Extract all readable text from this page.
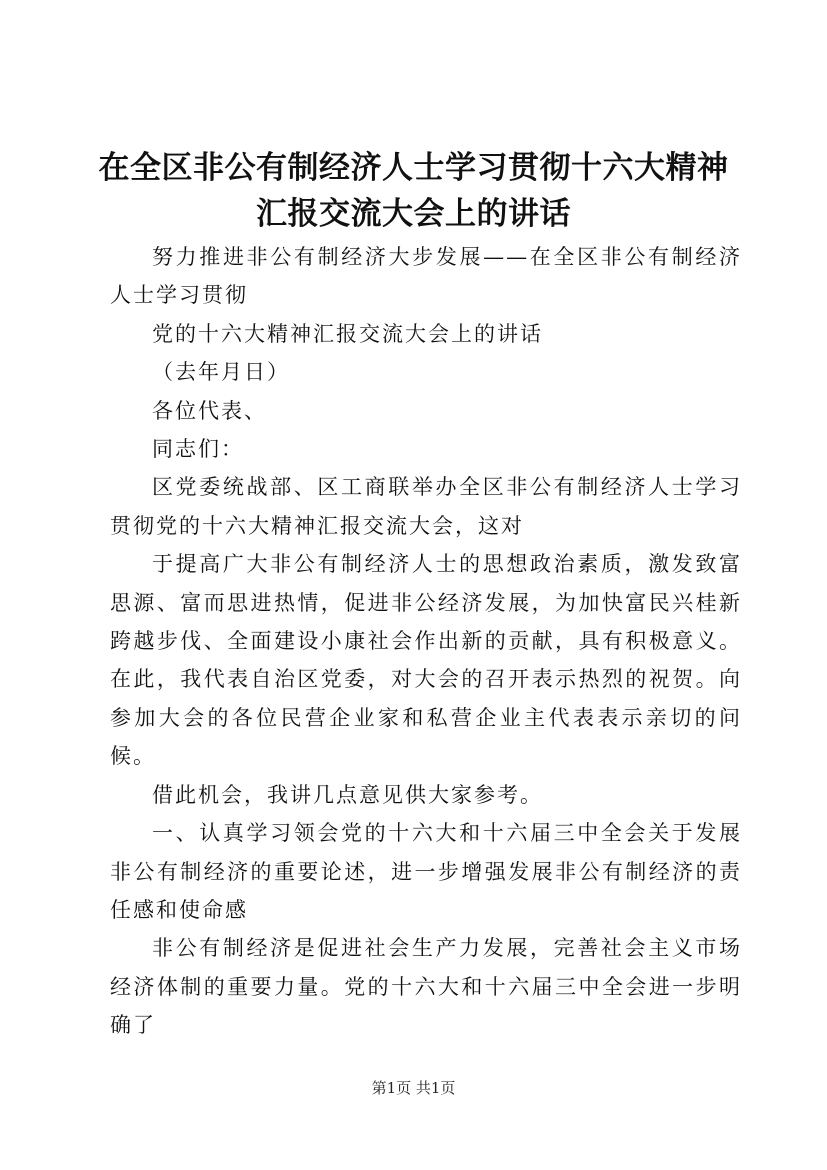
在全区非公有制经济人士学习贯彻十六大精神
汇报交流大会上的讲话

努力推进非公有制经济大步发展——在全区非公有制经济人士学习贯彻

党的十六大精神汇报交流大会上的讲话

（去年月日）

各位代表、

同志们：

区党委统战部、区工商联举办全区非公有制经济人士学习贯彻党的十六大精神汇报交流大会，这对

于提高广大非公有制经济人士的思想政治素质，激发致富思源、富而思进热情，促进非公经济发展，为加快富民兴桂新跨越步伐、全面建设小康社会作出新的贡献，具有积极意义。在此，我代表自治区党委，对大会的召开表示热烈的祝贺。向参加大会的各位民营企业家和私营企业主代表表示亲切的问候。

借此机会，我讲几点意见供大家参考。

一、认真学习领会党的十六大和十六届三中全会关于发展非公有制经济的重要论述，进一步增强发展非公有制经济的责任感和使命感

非公有制经济是促进社会生产力发展，完善社会主义市场经济体制的重要力量。党的十六大和十六届三中全会进一步明确了

第1页 共1页
